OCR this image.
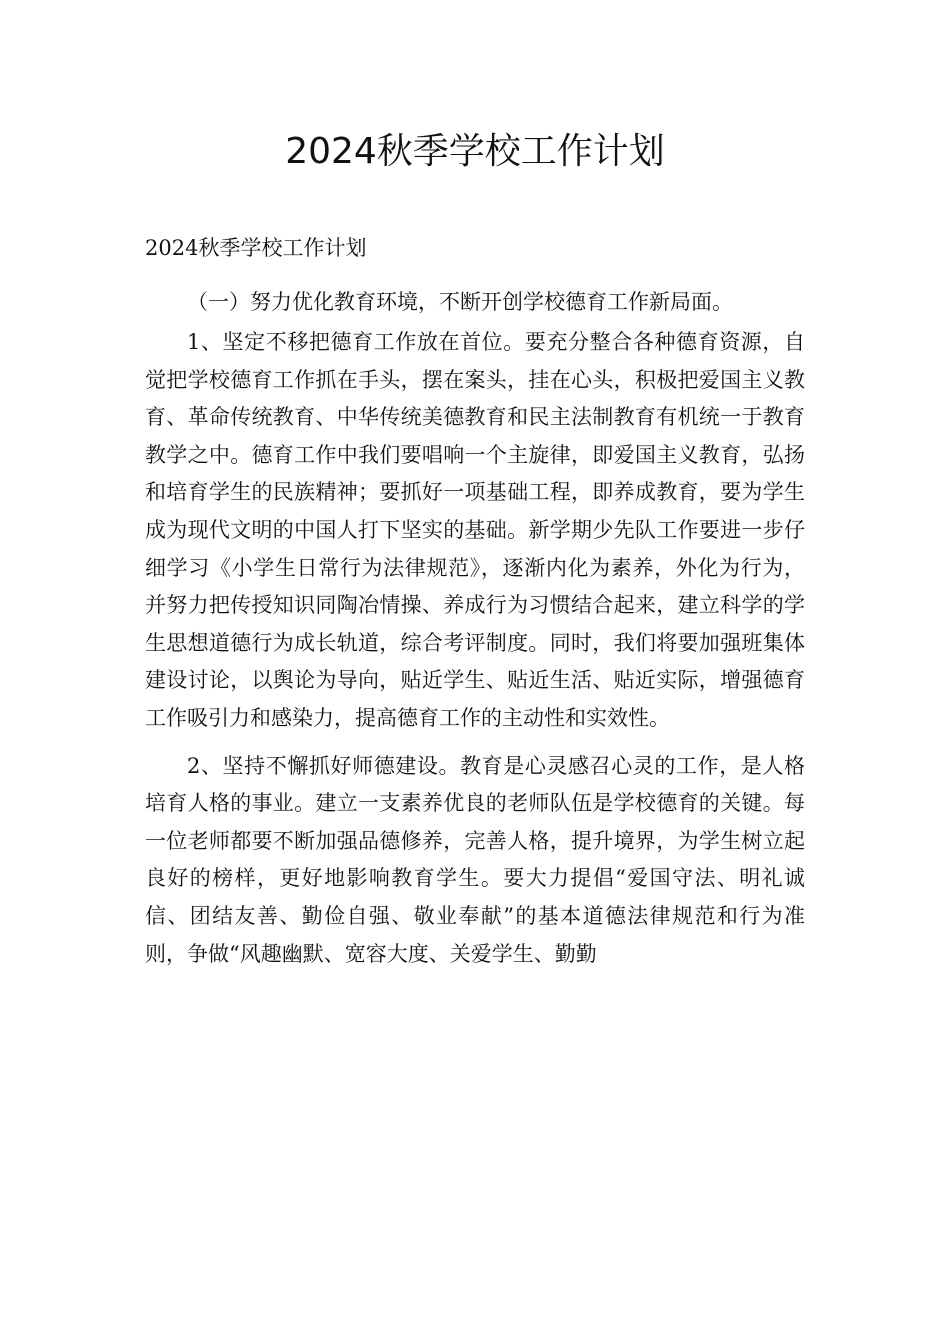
2024秋季学校工作计划

2024秋季学校工作计划

（一）努力优化教育环境，不断开创学校德育工作新局面。

1、坚定不移把德育工作放在首位。要充分整合各种德育资源，自觉把学校德育工作抓在手头，摆在案头，挂在心头，积极把爱国主义教育、革命传统教育、中华传统美德教育和民主法制教育有机统一于教育教学之中。德育工作中我们要唱响一个主旋律，即爱国主义教育，弘扬和培育学生的民族精神；要抓好一项基础工程，即养成教育，要为学生成为现代文明的中国人打下坚实的基础。新学期少先队工作要进一步仔细学习《小学生日常行为法律规范》，逐渐内化为素养，外化为行为，并努力把传授知识同陶冶情操、养成行为习惯结合起来，建立科学的学生思想道德行为成长轨道，综合考评制度。同时，我们将要加强班集体建设讨论，以舆论为导向，贴近学生、贴近生活、贴近实际，增强德育工作吸引力和感染力，提高德育工作的主动性和实效性。

2、坚持不懈抓好师德建设。教育是心灵感召心灵的工作，是人格培育人格的事业。建立一支素养优良的老师队伍是学校德育的关键。每一位老师都要不断加强品德修养，完善人格，提升境界，为学生树立起良好的榜样，更好地影响教育学生。要大力提倡“爱国守法、明礼诚信、团结友善、勤俭自强、敬业奉献”的基本道德法律规范和行为准则，争做“风趣幽默、宽容大度、关爱学生、勤勤
